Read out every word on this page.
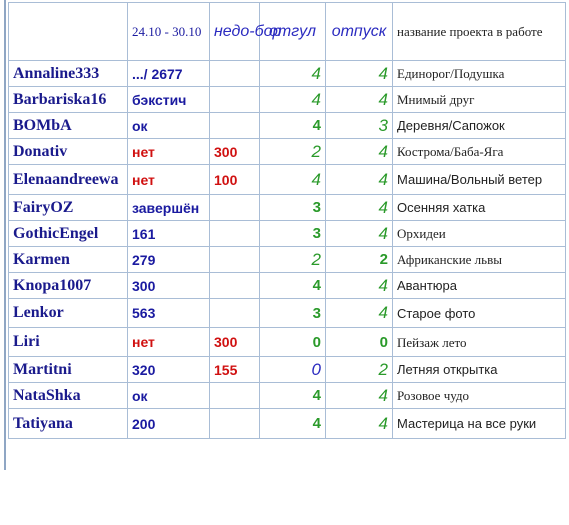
	24.10 - 30.10	недо-бор	отгул	отпуск	название проекта в работе
Annaline333	.../ 2677		4	4	Единорог/Подушка
Barbariska16	бэкстич		4	4	Мнимый друг
BOMbA	ок		4	3	Деревня/Сапожок
Donativ	нет	300	2	4	Кострома/Баба-Яга
Elenaandreewa	нет	100	4	4	Машина/Вольный ветер
FairyOZ	завершён		3	4	Осенняя хатка
GothicEngel	161		3	4	Орхидеи
Karmen	279		2	2	Африканские львы
Knopa1007	300		4	4	Авантюра
Lenkor	563		3	4	Старое фото
Liri	нет	300	0	0	Пейзаж лето
Martitni	320	155	0	2	Летняя открытка
NataShka	ок		4	4	Розовое чудо
Tatiyana	200		4	4	Мастерица на все руки
